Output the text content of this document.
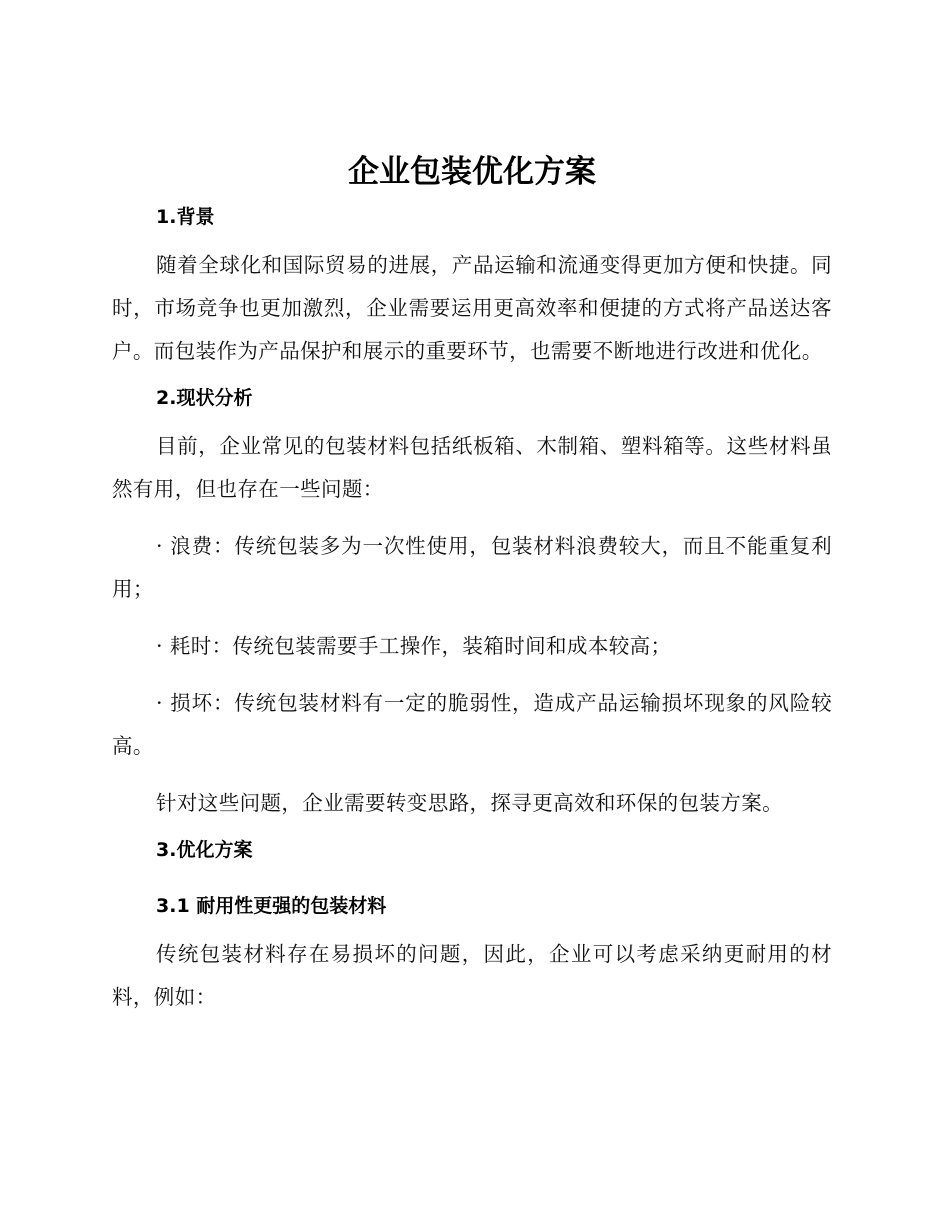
企业包装优化方案

1.背景

随着全球化和国际贸易的进展，产品运输和流通变得更加方便和快捷。同时，市场竞争也更加激烈，企业需要运用更高效率和便捷的方式将产品送达客户。而包装作为产品保护和展示的重要环节，也需要不断地进行改进和优化。

2.现状分析

目前，企业常见的包装材料包括纸板箱、木制箱、塑料箱等。这些材料虽然有用，但也存在一些问题：

· 浪费：传统包装多为一次性使用，包装材料浪费较大，而且不能重复利用；

· 耗时：传统包装需要手工操作，装箱时间和成本较高；

· 损坏：传统包装材料有一定的脆弱性，造成产品运输损坏现象的风险较高。

针对这些问题，企业需要转变思路，探寻更高效和环保的包装方案。

3.优化方案

3.1 耐用性更强的包装材料

传统包装材料存在易损坏的问题，因此，企业可以考虑采纳更耐用的材料，例如：
